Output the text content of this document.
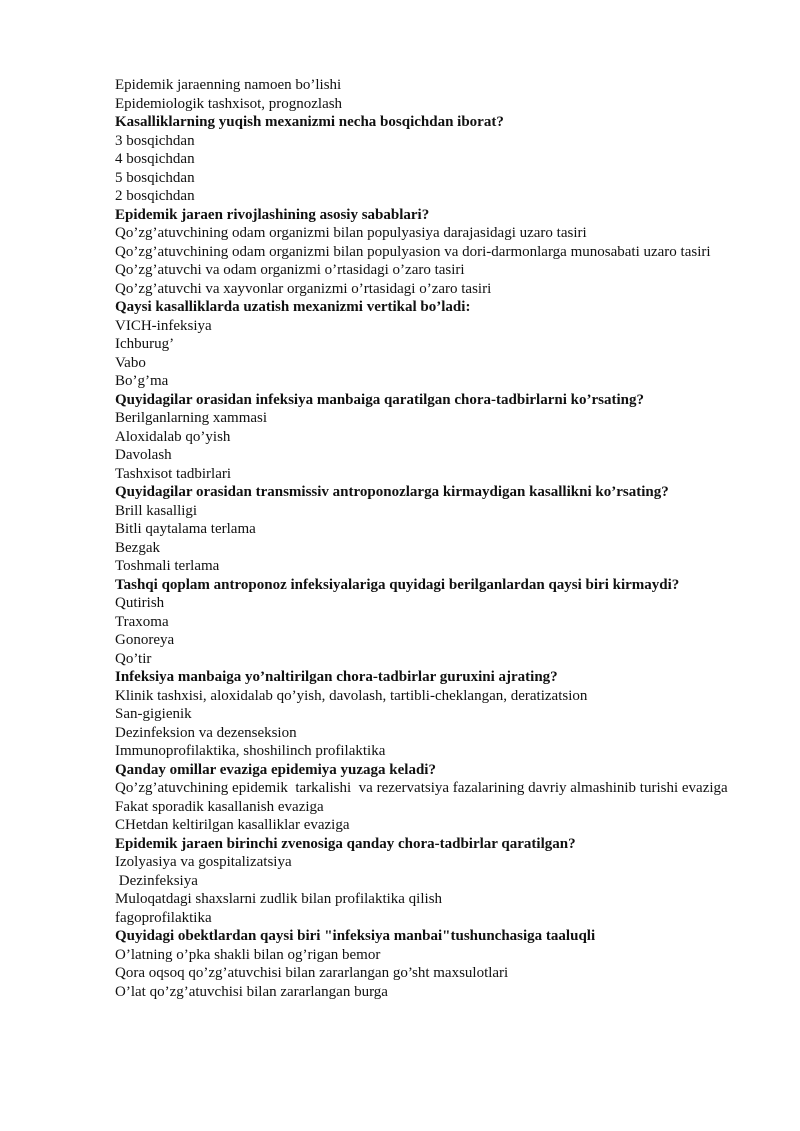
Epidemik jaraenning namoen bo’lishi

Epidemiologik tashxisot, prognozlash

Kasalliklarning yuqish mexanizmi necha bosqichdan iborat?

3 bosqichdan

4 bosqichdan

5 bosqichdan

2 bosqichdan

Epidemik jaraen rivojlashining asosiy sabablari?

Qo’zg’atuvchining odam organizmi bilan populyasiya darajasidagi uzaro tasiri

Qo’zg’atuvchining odam organizmi bilan populyasion va dori-darmonlarga munosabati uzaro tasiri

Qo’zg’atuvchi va odam organizmi o’rtasidagi o’zaro tasiri

Qo’zg’atuvchi va xayvonlar organizmi o’rtasidagi o’zaro tasiri

Qaysi kasalliklarda uzatish mexanizmi vertikal bo’ladi:

VICH-infeksiya

Ichburug’

Vabo

Bo’g’ma

Quyidagilar orasidan infeksiya manbaiga qaratilgan chora-tadbirlarni ko’rsating?

Berilganlarning xammasi

Aloxidalab qo’yish

Davolash

Tashxisot tadbirlari

Quyidagilar orasidan transmissiv antroponozlarga kirmaydigan kasallikni ko’rsating?

Brill kasalligi

Bitli qaytalama terlama

Bezgak

Toshmali terlama

Tashqi qoplam antroponoz infeksiyalariga quyidagi berilganlardan qaysi biri kirmaydi?

Qutirish

Traxoma

Gonoreya

Qo’tir

Infeksiya manbaiga yo’naltirilgan chora-tadbirlar guruxini ajrating?

Klinik tashxisi, aloxidalab qo’yish, davolash, tartibli-cheklangan, deratizatsion

San-gigienik

Dezinfeksion va dezenseksion

Immunoprofilaktika, shoshilinch profilaktika

Qanday omillar evaziga epidemiya yuzaga keladi?

Qo’zg’atuvchining epidemik  tarkalishi  va rezervatsiya fazalarining davriy almashinib turishi evaziga

Fakat sporadik kasallanish evaziga

CHetdan keltirilgan kasalliklar evaziga

Epidemik jaraen birinchi zvenosiga qanday chora-tadbirlar qaratilgan?

Izolyasiya va gospitalizatsiya

Dezinfeksiya

Muloqatdagi shaxslarni zudlik bilan profilaktika qilish

fagoprofilaktika

Quyidagi obektlardan qaysi biri "infeksiya manbai"tushunchasiga taaluqli

O’latning o’pka shakli bilan og’rigan bemor

Qora oqsoq qo’zg’atuvchisi bilan zararlangan go’sht maxsulotlari

O’lat qo’zg’atuvchisi bilan zararlangan burga
